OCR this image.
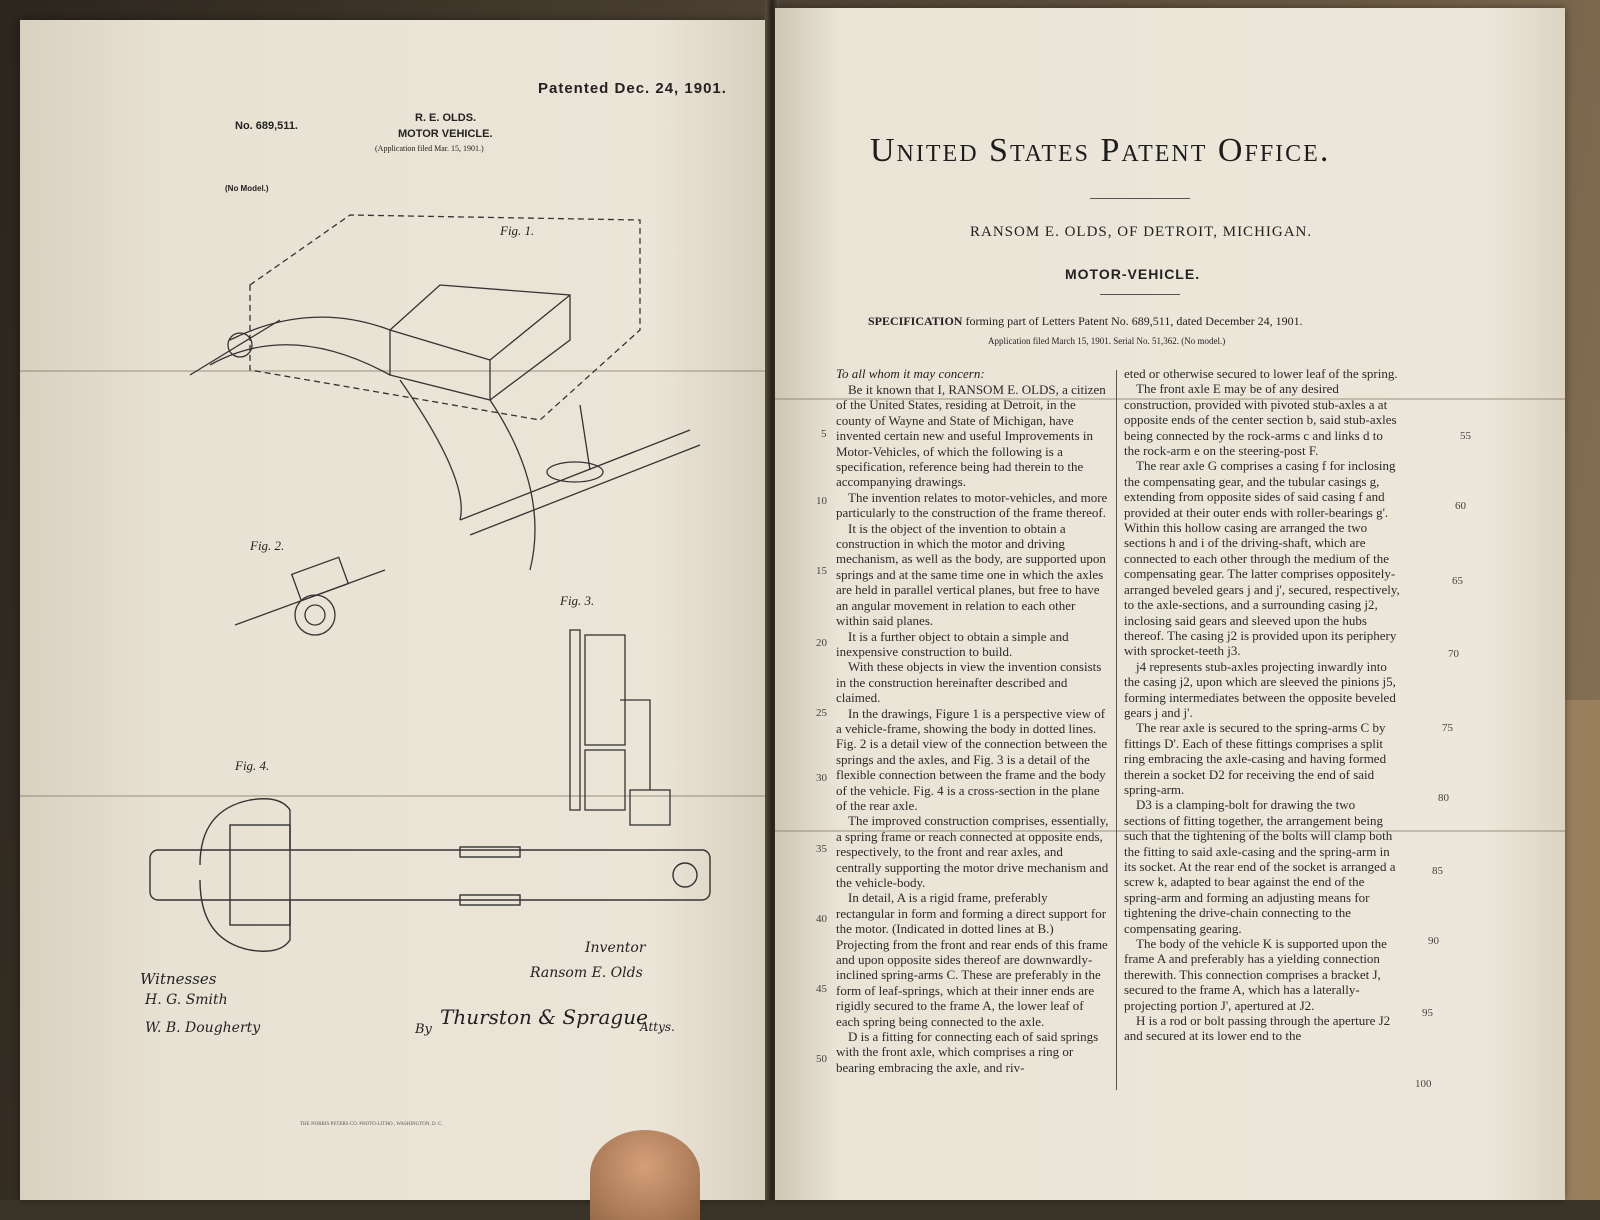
Patented Dec. 24, 1901.
No. 689,511.
R. E. OLDS.
MOTOR VEHICLE.
(Application filed Mar. 15, 1901.)
(No Model.)
Fig. 1.
Fig. 2.
Fig. 3.
Fig. 4.
Witnesses
H. G. Smith
W. B. Dougherty
Inventor
Ransom E. Olds
By
Thurston & Sprague
Attys.
THE NORRIS PETERS CO. PHOTO-LITHO., WASHINGTON, D. C.
United States Patent Office.
RANSOM E. OLDS, OF DETROIT, MICHIGAN.
MOTOR-VEHICLE.
SPECIFICATION forming part of Letters Patent No. 689,511, dated December 24, 1901.
Application filed March 15, 1901. Serial No. 51,362. (No model.)
To all whom it may concern:

Be it known that I, RANSOM E. OLDS, a citizen of the United States, residing at Detroit, in the county of Wayne and State of Michigan, have invented certain new and useful Improvements in Motor-Vehicles, of which the following is a specification, reference being had therein to the accompanying drawings.

The invention relates to motor-vehicles, and more particularly to the construction of the frame thereof.

It is the object of the invention to obtain a construction in which the motor and driving mechanism, as well as the body, are supported upon springs and at the same time one in which the axles are held in parallel vertical planes, but free to have an angular movement in relation to each other within said planes.

It is a further object to obtain a simple and inexpensive construction to build.

With these objects in view the invention consists in the construction hereinafter described and claimed.

In the drawings, Figure 1 is a perspective view of a vehicle-frame, showing the body in dotted lines. Fig. 2 is a detail view of the connection between the springs and the axles, and Fig. 3 is a detail of the flexible connection between the frame and the body of the vehicle. Fig. 4 is a cross-section in the plane of the rear axle.

The improved construction comprises, essentially, a spring frame or reach connected at opposite ends, respectively, to the front and rear axles, and centrally supporting the motor drive mechanism and the vehicle-body.

In detail, A is a rigid frame, preferably rectangular in form and forming a direct support for the motor. (Indicated in dotted lines at B.) Projecting from the front and rear ends of this frame and upon opposite sides thereof are downwardly-inclined spring-arms C. These are preferably in the form of leaf-springs, which at their inner ends are rigidly secured to the frame A, the lower leaf of each spring being connected to the axle.

D is a fitting for connecting each of said springs with the front axle, which comprises a ring or bearing embracing the axle, and riv-

eted or otherwise secured to lower leaf of the spring.

The front axle E may be of any desired construction, provided with pivoted stub-axles a at opposite ends of the center section b, said stub-axles being connected by the rock-arms c and links d to the rock-arm e on the steering-post F.

The rear axle G comprises a casing f for inclosing the compensating gear, and the tubular casings g, extending from opposite sides of said casing f and provided at their outer ends with roller-bearings g'. Within this hollow casing are arranged the two sections h and i of the driving-shaft, which are connected to each other through the medium of the compensating gear. The latter comprises oppositely-arranged beveled gears j and j', secured, respectively, to the axle-sections, and a surrounding casing j2, inclosing said gears and sleeved upon the hubs thereof. The casing j2 is provided upon its periphery with sprocket-teeth j3.

j4 represents stub-axles projecting inwardly into the casing j2, upon which are sleeved the pinions j5, forming intermediates between the opposite beveled gears j and j'.

The rear axle is secured to the spring-arms C by fittings D'. Each of these fittings comprises a split ring embracing the axle-casing and having formed therein a socket D2 for receiving the end of said spring-arm.

D3 is a clamping-bolt for drawing the two sections of fitting together, the arrangement being such that the tightening of the bolts will clamp both the fitting to said axle-casing and the spring-arm in its socket. At the rear end of the socket is arranged a screw k, adapted to bear against the end of the spring-arm and forming an adjusting means for tightening the drive-chain connecting to the compensating gearing.

The body of the vehicle K is supported upon the frame A and preferably has a yielding connection therewith. This connection comprises a bracket J, secured to the frame A, which has a laterally-projecting portion J', apertured at J2.

H is a rod or bolt passing through the aperture J2 and secured at its lower end to the

5
10
15
20
25
30
35
40
45
50
55
60
65
70
75
80
85
90
95
100
